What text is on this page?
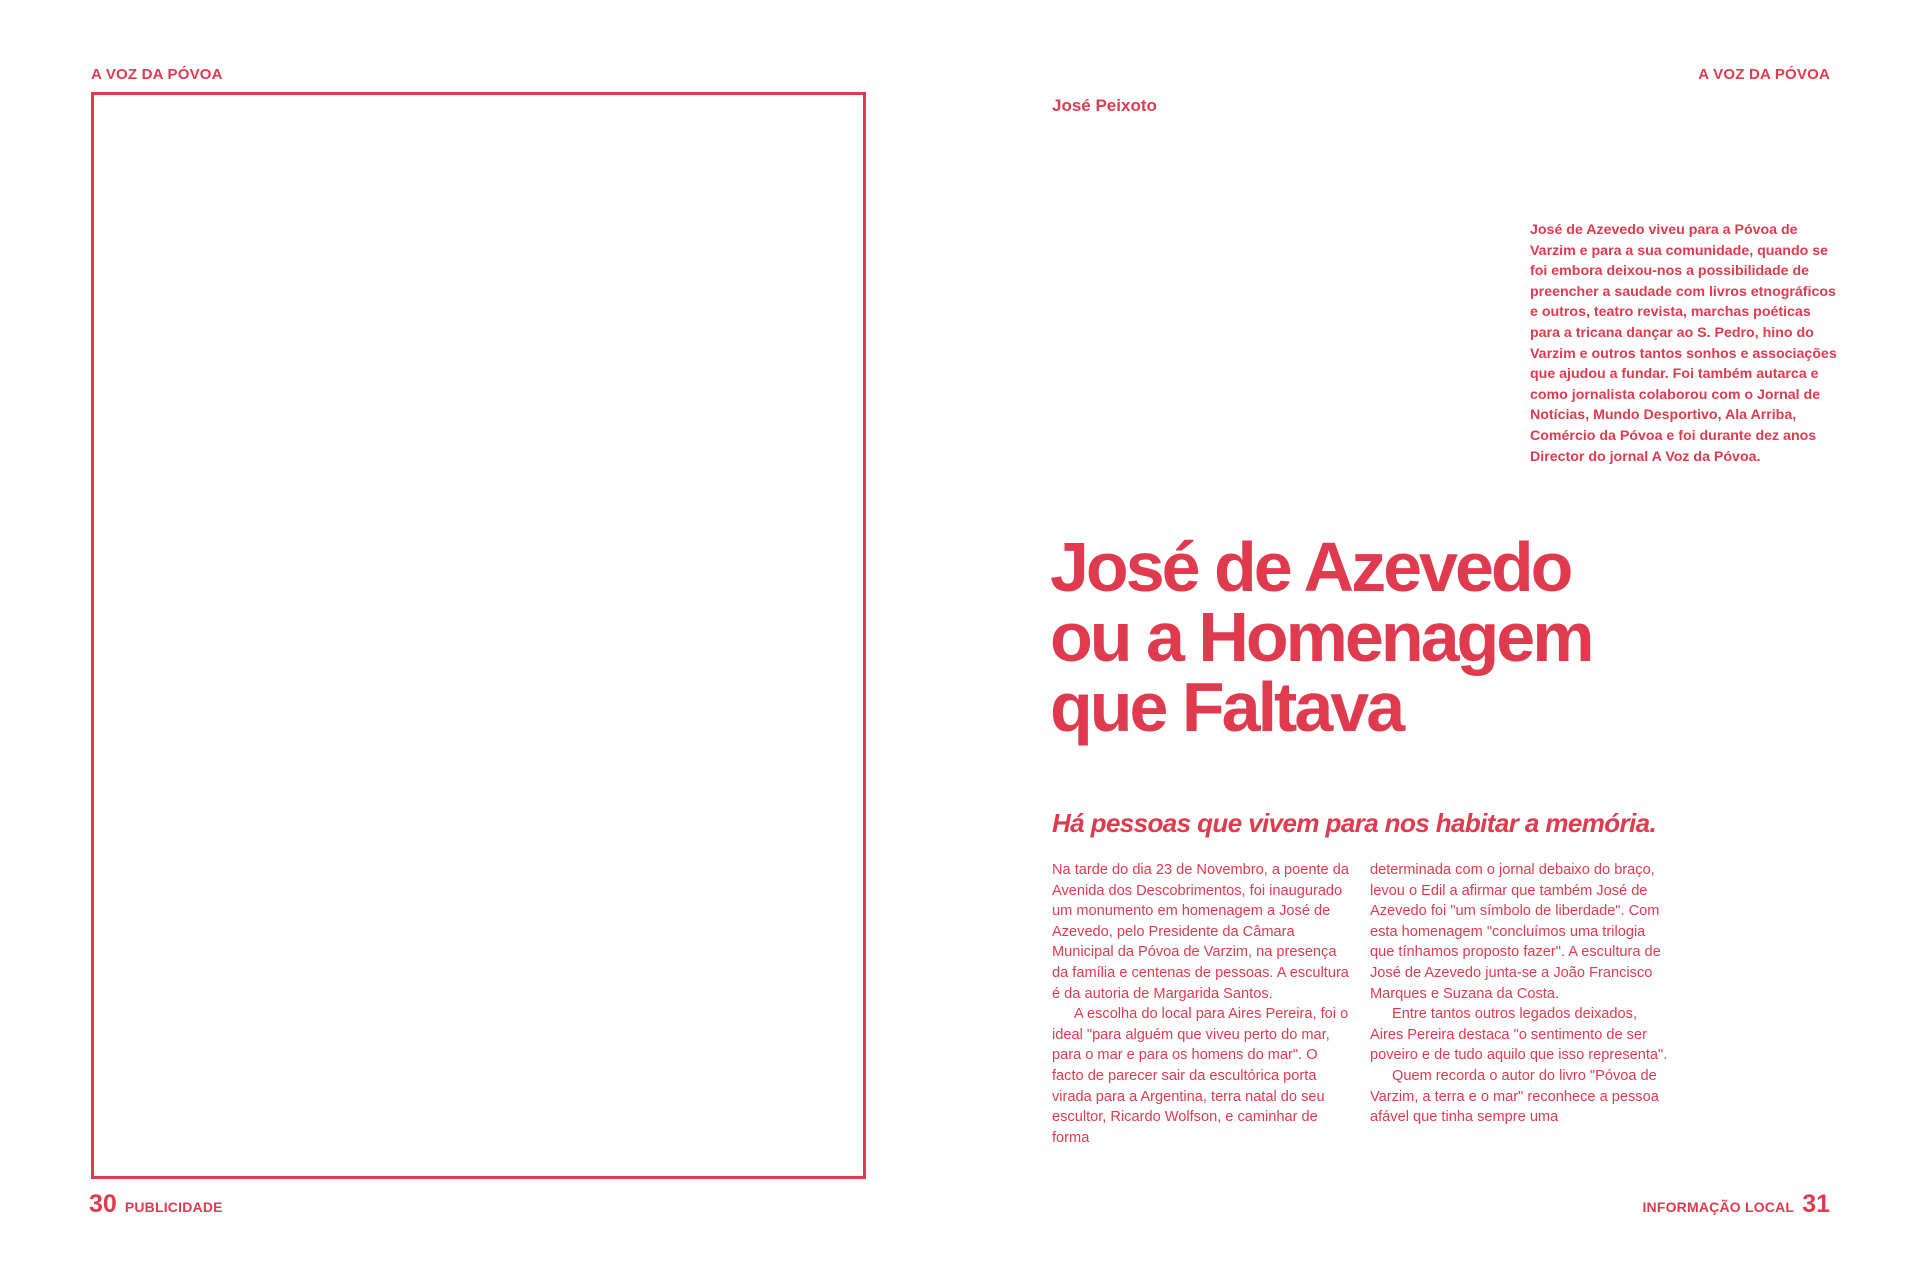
A VOZ DA PÓVOA
30 PUBLICIDADE
A VOZ DA PÓVOA
José Peixoto

José de Azevedo viveu para a Póvoa de Varzim e para a sua comunidade, quando se foi embora deixou-nos a possibilidade de preencher a saudade com livros etnográficos e outros, teatro revista, marchas poéticas para a tricana dançar ao S. Pedro, hino do Varzim e outros tantos sonhos e associações que ajudou a fundar. Foi também autarca e como jornalista colaborou com o Jornal de Notícias, Mundo Desportivo, Ala Arriba, Comércio da Póvoa e foi durante dez anos Director do jornal A Voz da Póvoa.

José de Azevedo
ou a Homenagem
que Faltava
Há pessoas que vivem para nos habitar a memória.

Na tarde do dia 23 de Novembro, a poente da Avenida dos Descobrimentos, foi inaugurado um monumento em homenagem a José de Azevedo, pelo Presidente da Câmara Municipal da Póvoa de Varzim, na presença da família e centenas de pessoas. A escultura é da autoria de Margarida Santos.

A escolha do local para Aires Pereira, foi o ideal "para alguém que viveu perto do mar, para o mar e para os homens do mar". O facto de parecer sair da escultórica porta virada para a Argentina, terra natal do seu escultor, Ricardo Wolfson, e caminhar de forma

determinada com o jornal debaixo do braço, levou o Edil a afirmar que também José de Azevedo foi "um símbolo de liberdade". Com esta homenagem "concluímos uma trilogia que tínhamos proposto fazer". A escultura de José de Azevedo junta-se a João Francisco Marques e Suzana da Costa.

Entre tantos outros legados deixados, Aires Pereira destaca "o sentimento de ser poveiro e de tudo aquilo que isso representa".

Quem recorda o autor do livro "Póvoa de Varzim, a terra e o mar" reconhece a pessoa afável que tinha sempre uma

INFORMAÇÃO LOCAL 31
